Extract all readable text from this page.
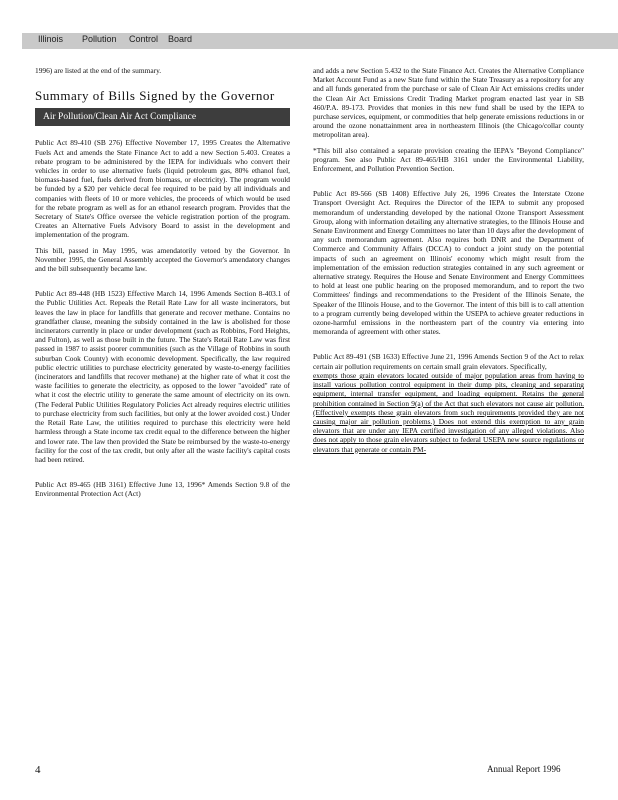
Illinois Pollution Control Board

1996) are listed at the end of the summary.

Summary of Bills Signed by the Governor
Air Pollution/Clean Air Act Compliance

Public Act 89-410 (SB 276) Effective November 17, 1995 Creates the Alternative Fuels Act and amends the State Finance Act to add a new Section 5.403. Creates a rebate program to be administered by the IEPA for individuals who convert their vehicles in order to use alternative fuels (liquid petroleum gas, 80% ethanol fuel, biomass-based fuel, fuels derived from biomass, or electricity). The program would be funded by a $20 per vehicle decal fee required to be paid by all individuals and companies with fleets of 10 or more vehicles, the proceeds of which would be used for the rebate program as well as for an ethanol research program. Provides that the Secretary of State's Office oversee the vehicle registration portion of the program. Creates an Alternative Fuels Advisory Board to assist in the development and implementation of the program.

This bill, passed in May 1995, was amendatorily vetoed by the Governor. In November 1995, the General Assembly accepted the Governor's amendatory changes and the bill subsequently became law.

Public Act 89-448 (HB 1523) Effective March 14, 1996 Amends Section 8-403.1 of the Public Utilities Act. Repeals the Retail Rate Law for all waste incinerators, but leaves the law in place for landfills that generate and recover methane. Contains no grandfather clause, meaning the subsidy contained in the law is abolished for those incinerators currently in place or under development (such as Robbins, Ford Heights, and Fulton), as well as those built in the future. The State's Retail Rate Law was first passed in 1987 to assist poorer communities (such as the Village of Robbins in south suburban Cook County) with economic development. Specifically, the law required public electric utilities to purchase electricity generated by waste-to-energy facilities (incinerators and landfills that recover methane) at the higher rate of what it cost the waste facilities to generate the electricity, as opposed to the lower "avoided" rate of what it cost the electric utility to generate the same amount of electricity on its own. (The Federal Public Utilities Regulatory Policies Act already requires electric utilities to purchase electricity from such facilities, but only at the lower avoided cost.) Under the Retail Rate Law, the utilities required to purchase this electricity were held harmless through a State income tax credit equal to the difference between the higher and lower rate. The law then provided the State be reimbursed by the waste-to-energy facility for the cost of the tax credit, but only after all the waste facility's capital costs had been retired.

Public Act 89-465 (HB 3161) Effective June 13, 1996* Amends Section 9.8 of the Environmental Protection Act (Act)

and adds a new Section 5.432 to the State Finance Act. Creates the Alternative Compliance Market Account Fund as a new State fund within the State Treasury as a repository for any and all funds generated from the purchase or sale of Clean Air Act emissions credits under the Clean Air Act Emissions Credit Trading Market program enacted last year in SB 460/P.A. 89-173. Provides that monies in this new fund shall be used by the IEPA to purchase services, equipment, or commodities that help generate emissions reductions in or around the ozone nonattainment area in northeastern Illinois (the Chicago/collar county metropolitan area).

*This bill also contained a separate provision creating the IEPA's "Beyond Compliance" program. See also Public Act 89-465/HB 3161 under the Environmental Liability, Enforcement, and Pollution Prevention Section.

Public Act 89-566 (SB 1408) Effective July 26, 1996 Creates the Interstate Ozone Transport Oversight Act. Requires the Director of the IEPA to submit any proposed memorandum of understanding developed by the national Ozone Transport Assessment Group, along with information detailing any alternative strategies, to the Illinois House and Senate Environment and Energy Committees no later than 10 days after the development of any such memorandum agreement. Also requires both DNR and the Department of Commerce and Community Affairs (DCCA) to conduct a joint study on the potential impacts of such an agreement on Illinois' economy which might result from the implementation of the emission reduction strategies contained in any such agreement or alternative strategy. Requires the House and Senate Environment and Energy Committees to hold at least one public hearing on the proposed memorandum, and to report the two Committees' findings and recommendations to the President of the Illinois Senate, the Speaker of the Illinois House, and to the Governor. The intent of this bill is to call attention to a program currently being developed within the USEPA to achieve greater reductions in ozone-harmful emissions in the northeastern part of the country via entering into memoranda of agreement with other states.

Public Act 89-491 (SB 1633) Effective June 21, 1996 Amends Section 9 of the Act to relax certain air pollution requirements on certain small grain elevators. Specifically,

exempts those grain elevators located outside of major population areas from having to install various pollution control equipment in their dump pits, cleaning and separating equipment, internal transfer equipment, and loading equipment. Retains the general prohibition contained in Section 9(a) of the Act that such elevators not cause air pollution. (Effectively exempts these grain elevators from such requirements provided they are not causing major air pollution problems.) Does not extend this exemption to any grain elevators that are under any IEPA certified investigation of any alleged violations. Also does not apply to those grain elevators subject to federal USEPA new source regulations or elevators that generate or contain PM-

4	Annual Report 1996
